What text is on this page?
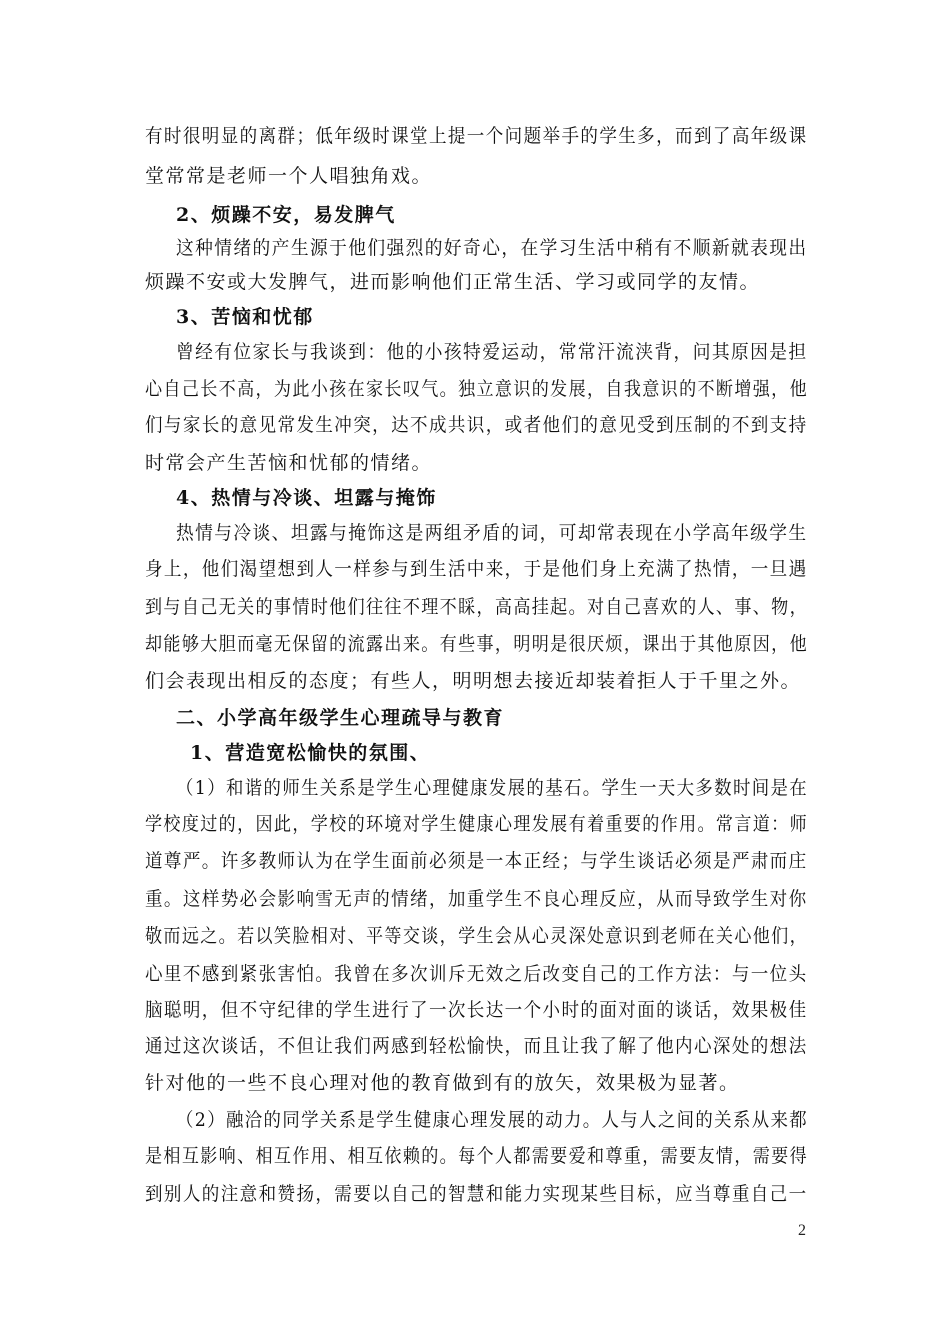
有时很明显的离群；低年级时课堂上提一个问题举手的学生多，而到了高年级课
堂常常是老师一个人唱独角戏。
2、烦躁不安，易发脾气
这种情绪的产生源于他们强烈的好奇心，在学习生活中稍有不顺新就表现出
烦躁不安或大发脾气，进而影响他们正常生活、学习或同学的友情。
3、苦恼和忧郁
曾经有位家长与我谈到：他的小孩特爱运动，常常汗流浃背，问其原因是担
心自己长不高，为此小孩在家长叹气。独立意识的发展，自我意识的不断增强，他
们与家长的意见常发生冲突，达不成共识，或者他们的意见受到压制的不到支持
时常会产生苦恼和忧郁的情绪。
4、热情与冷谈、坦露与掩饰
热情与冷谈、坦露与掩饰这是两组矛盾的词，可却常表现在小学高年级学生
身上，他们渴望想到人一样参与到生活中来，于是他们身上充满了热情，一旦遇
到与自己无关的事情时他们往往不理不睬，高高挂起。对自己喜欢的人、事、物，
却能够大胆而毫无保留的流露出来。有些事，明明是很厌烦，课出于其他原因，他
们会表现出相反的态度；有些人，明明想去接近却装着拒人于千里之外。
二、小学高年级学生心理疏导与教育
1、营造宽松愉快的氛围、
（1）和谐的师生关系是学生心理健康发展的基石。学生一天大多数时间是在
学校度过的，因此，学校的环境对学生健康心理发展有着重要的作用。常言道：师
道尊严。许多教师认为在学生面前必须是一本正经；与学生谈话必须是严肃而庄
重。这样势必会影响雪无声的情绪，加重学生不良心理反应，从而导致学生对你
敬而远之。若以笑脸相对、平等交谈，学生会从心灵深处意识到老师在关心他们，
心里不感到紧张害怕。我曾在多次训斥无效之后改变自己的工作方法：与一位头
脑聪明，但不守纪律的学生进行了一次长达一个小时的面对面的谈话，效果极佳
通过这次谈话，不但让我们两感到轻松愉快，而且让我了解了他内心深处的想法
针对他的一些不良心理对他的教育做到有的放矢，效果极为显著。
（2）融洽的同学关系是学生健康心理发展的动力。人与人之间的关系从来都
是相互影响、相互作用、相互依赖的。每个人都需要爱和尊重，需要友情，需要得
到别人的注意和赞扬，需要以自己的智慧和能力实现某些目标，应当尊重自己一
2
